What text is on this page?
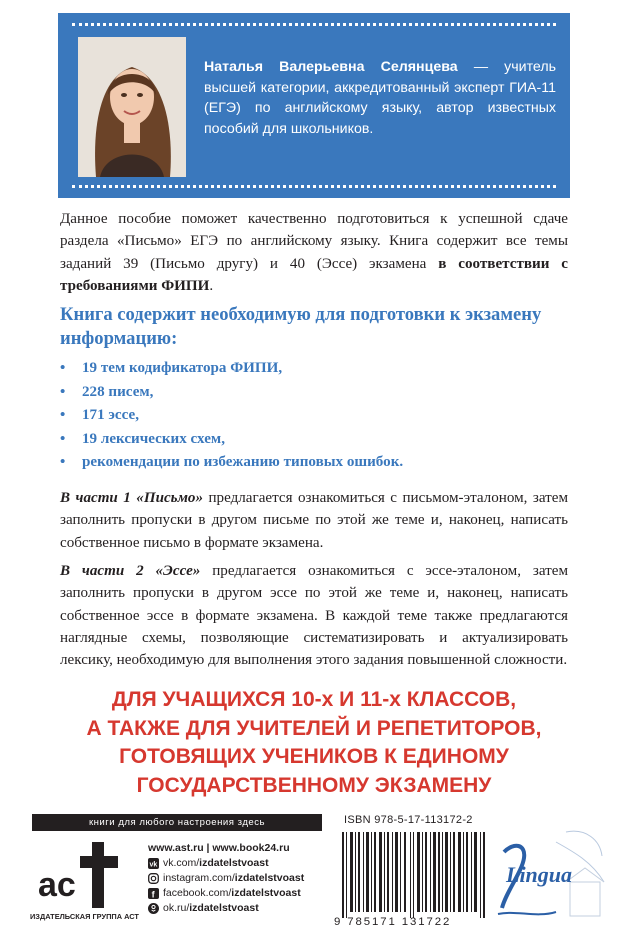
Наталья Валерьевна Селянцева — учитель высшей категории, аккредитованный эксперт ГИА-11 (ЕГЭ) по английскому языку, автор известных пособий для школьников.
Данное пособие поможет качественно подготовиться к успешной сдаче раздела «Письмо» ЕГЭ по английскому языку. Книга содержит все темы заданий 39 (Письмо другу) и 40 (Эссе) экзамена в соответствии с требованиями ФИПИ.
Книга содержит необходимую для подготовки к экзамену информацию:
• 19 тем кодификатора ФИПИ,
• 228 писем,
• 171 эссе,
• 19 лексических схем,
• рекомендации по избежанию типовых ошибок.
В части 1 «Письмо» предлагается ознакомиться с письмом-эталоном, затем заполнить пропуски в другом письме по этой же теме и, наконец, написать собственное письмо в формате экзамена.
В части 2 «Эссе» предлагается ознакомиться с эссе-эталоном, затем заполнить пропуски в другом эссе по этой же теме и, наконец, написать собственное эссе в формате экзамена. В каждой теме также предлагаются наглядные схемы, позволяющие систематизировать и актуализировать лексику, необходимую для выполнения этого задания повышенной сложности.
ДЛЯ УЧАЩИХСЯ 10-х И 11-х КЛАССОВ,
А ТАКЖЕ ДЛЯ УЧИТЕЛЕЙ И РЕПЕТИТОРОВ,
ГОТОВЯЩИХ УЧЕНИКОВ К ЕДИНОМУ
ГОСУДАРСТВЕННОМУ ЭКЗАМЕНУ
книги для любого настроения здесь
ac
ИЗДАТЕЛЬСКАЯ ГРУППА АСТ
www.ast.ru | www.book24.ru
vk vk.com/ izdatelstvoast
instagram.com/ izdatelstvoast
f facebook.com/ izdatelstvoast
ok.ru/ izdatelstvoast
ISBN 978-5-17-113172-2
9 785171 131722
Lingua
